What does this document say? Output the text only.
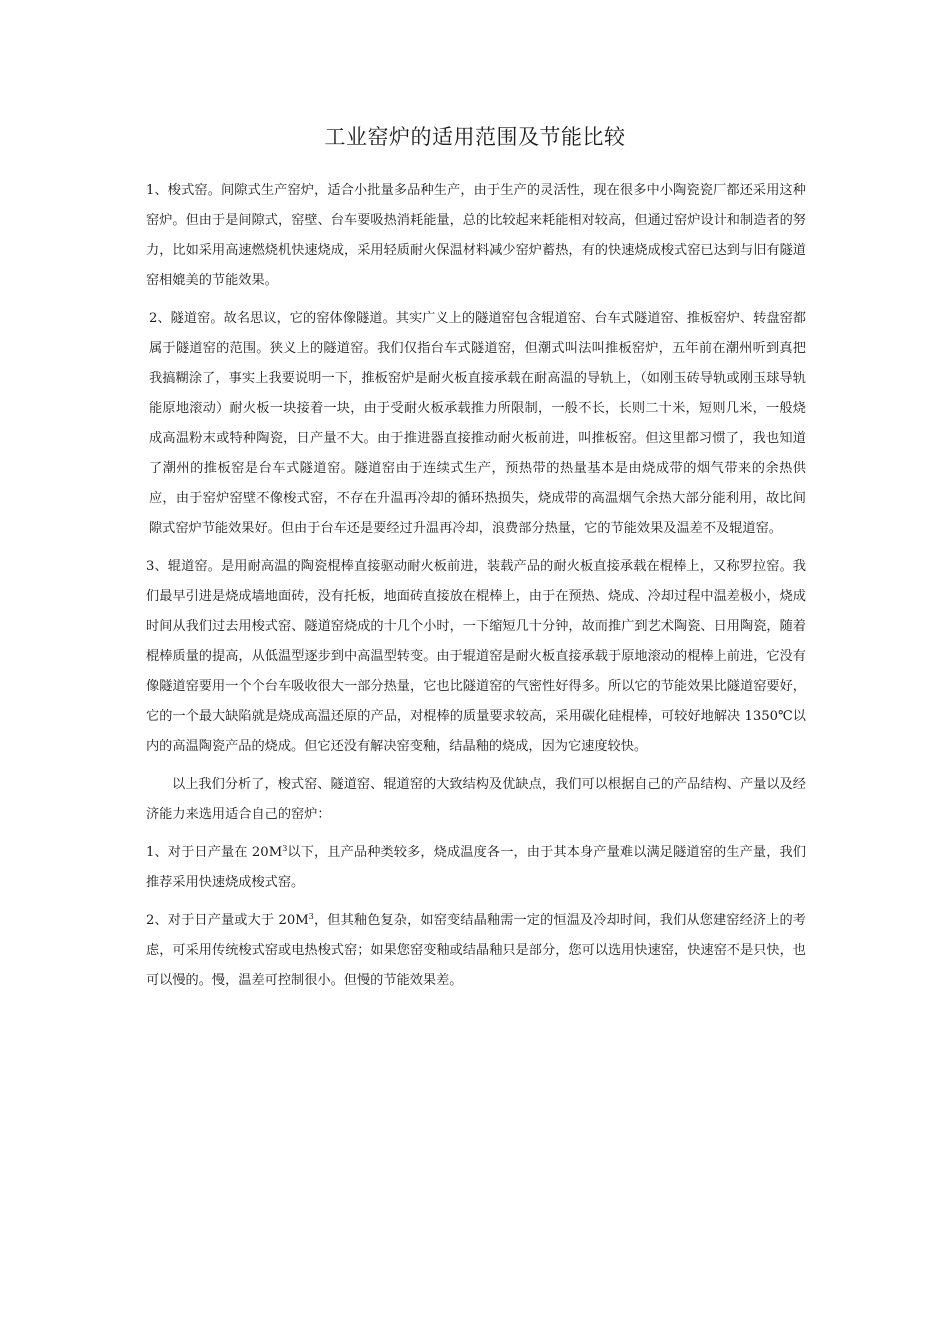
工业窑炉的适用范围及节能比较

1、梭式窑。间隙式生产窑炉，适合小批量多品种生产，由于生产的灵活性，现在很多中小陶瓷瓷厂都还采用这种窑炉。但由于是间隙式，窑壁、台车要吸热消耗能量，总的比较起来耗能相对较高，但通过窑炉设计和制造者的努力，比如采用高速燃烧机快速烧成，采用轻质耐火保温材料减少窑炉蓄热，有的快速烧成梭式窑已达到与旧有隧道窑相媲美的节能效果。

2、隧道窑。故名思议，它的窑体像隧道。其实广义上的隧道窑包含辊道窑、台车式隧道窑、推板窑炉、转盘窑都属于隧道窑的范围。狭义上的隧道窑。我们仅指台车式隧道窑，但潮式叫法叫推板窑炉，五年前在潮州听到真把我搞糊涂了，事实上我要说明一下，推板窑炉是耐火板直接承载在耐高温的导轨上，（如刚玉砖导轨或刚玉球导轨能原地滚动）耐火板一块接着一块，由于受耐火板承载推力所限制，一般不长，长则二十米，短则几米，一般烧成高温粉末或特种陶瓷，日产量不大。由于推进器直接推动耐火板前进，叫推板窑。但这里都习惯了，我也知道了潮州的推板窑是台车式隧道窑。隧道窑由于连续式生产，预热带的热量基本是由烧成带的烟气带来的余热供应，由于窑炉窑壁不像梭式窑，不存在升温再冷却的循环热损失，烧成带的高温烟气余热大部分能利用，故比间隙式窑炉节能效果好。但由于台车还是要经过升温再冷却，浪费部分热量，它的节能效果及温差不及辊道窑。

3、辊道窑。是用耐高温的陶瓷棍棒直接驱动耐火板前进，装载产品的耐火板直接承载在棍棒上，又称罗拉窑。我们最早引进是烧成墙地面砖，没有托板，地面砖直接放在棍棒上，由于在预热、烧成、冷却过程中温差极小，烧成时间从我们过去用梭式窑、隧道窑烧成的十几个小时，一下缩短几十分钟，故而推广到艺术陶瓷、日用陶瓷，随着棍棒质量的提高，从低温型逐步到中高温型转变。由于辊道窑是耐火板直接承载于原地滚动的棍棒上前进，它没有像隧道窑要用一个个台车吸收很大一部分热量，它也比隧道窑的气密性好得多。所以它的节能效果比隧道窑要好，它的一个最大缺陷就是烧成高温还原的产品，对棍棒的质量要求较高，采用碳化硅棍棒，可较好地解决 1350℃以内的高温陶瓷产品的烧成。但它还没有解决窑变釉，结晶釉的烧成，因为它速度较快。

以上我们分析了，梭式窑、隧道窑、辊道窑的大致结构及优缺点，我们可以根据自己的产品结构、产量以及经济能力来选用适合自己的窑炉：

1、对于日产量在 $20M^3$以下，且产品种类较多，烧成温度各一，由于其本身产量难以满足隧道窑的生产量，我们推荐采用快速烧成梭式窑。

2、对于日产量或大于 $20M^3$，但其釉色复杂，如窑变结晶釉需一定的恒温及冷却时间，我们从您建窑经济上的考虑，可采用传统梭式窑或电热梭式窑；如果您窑变釉或结晶釉只是部分，您可以选用快速窑，快速窑不是只快，也可以慢的。慢，温差可控制很小。但慢的节能效果差。
